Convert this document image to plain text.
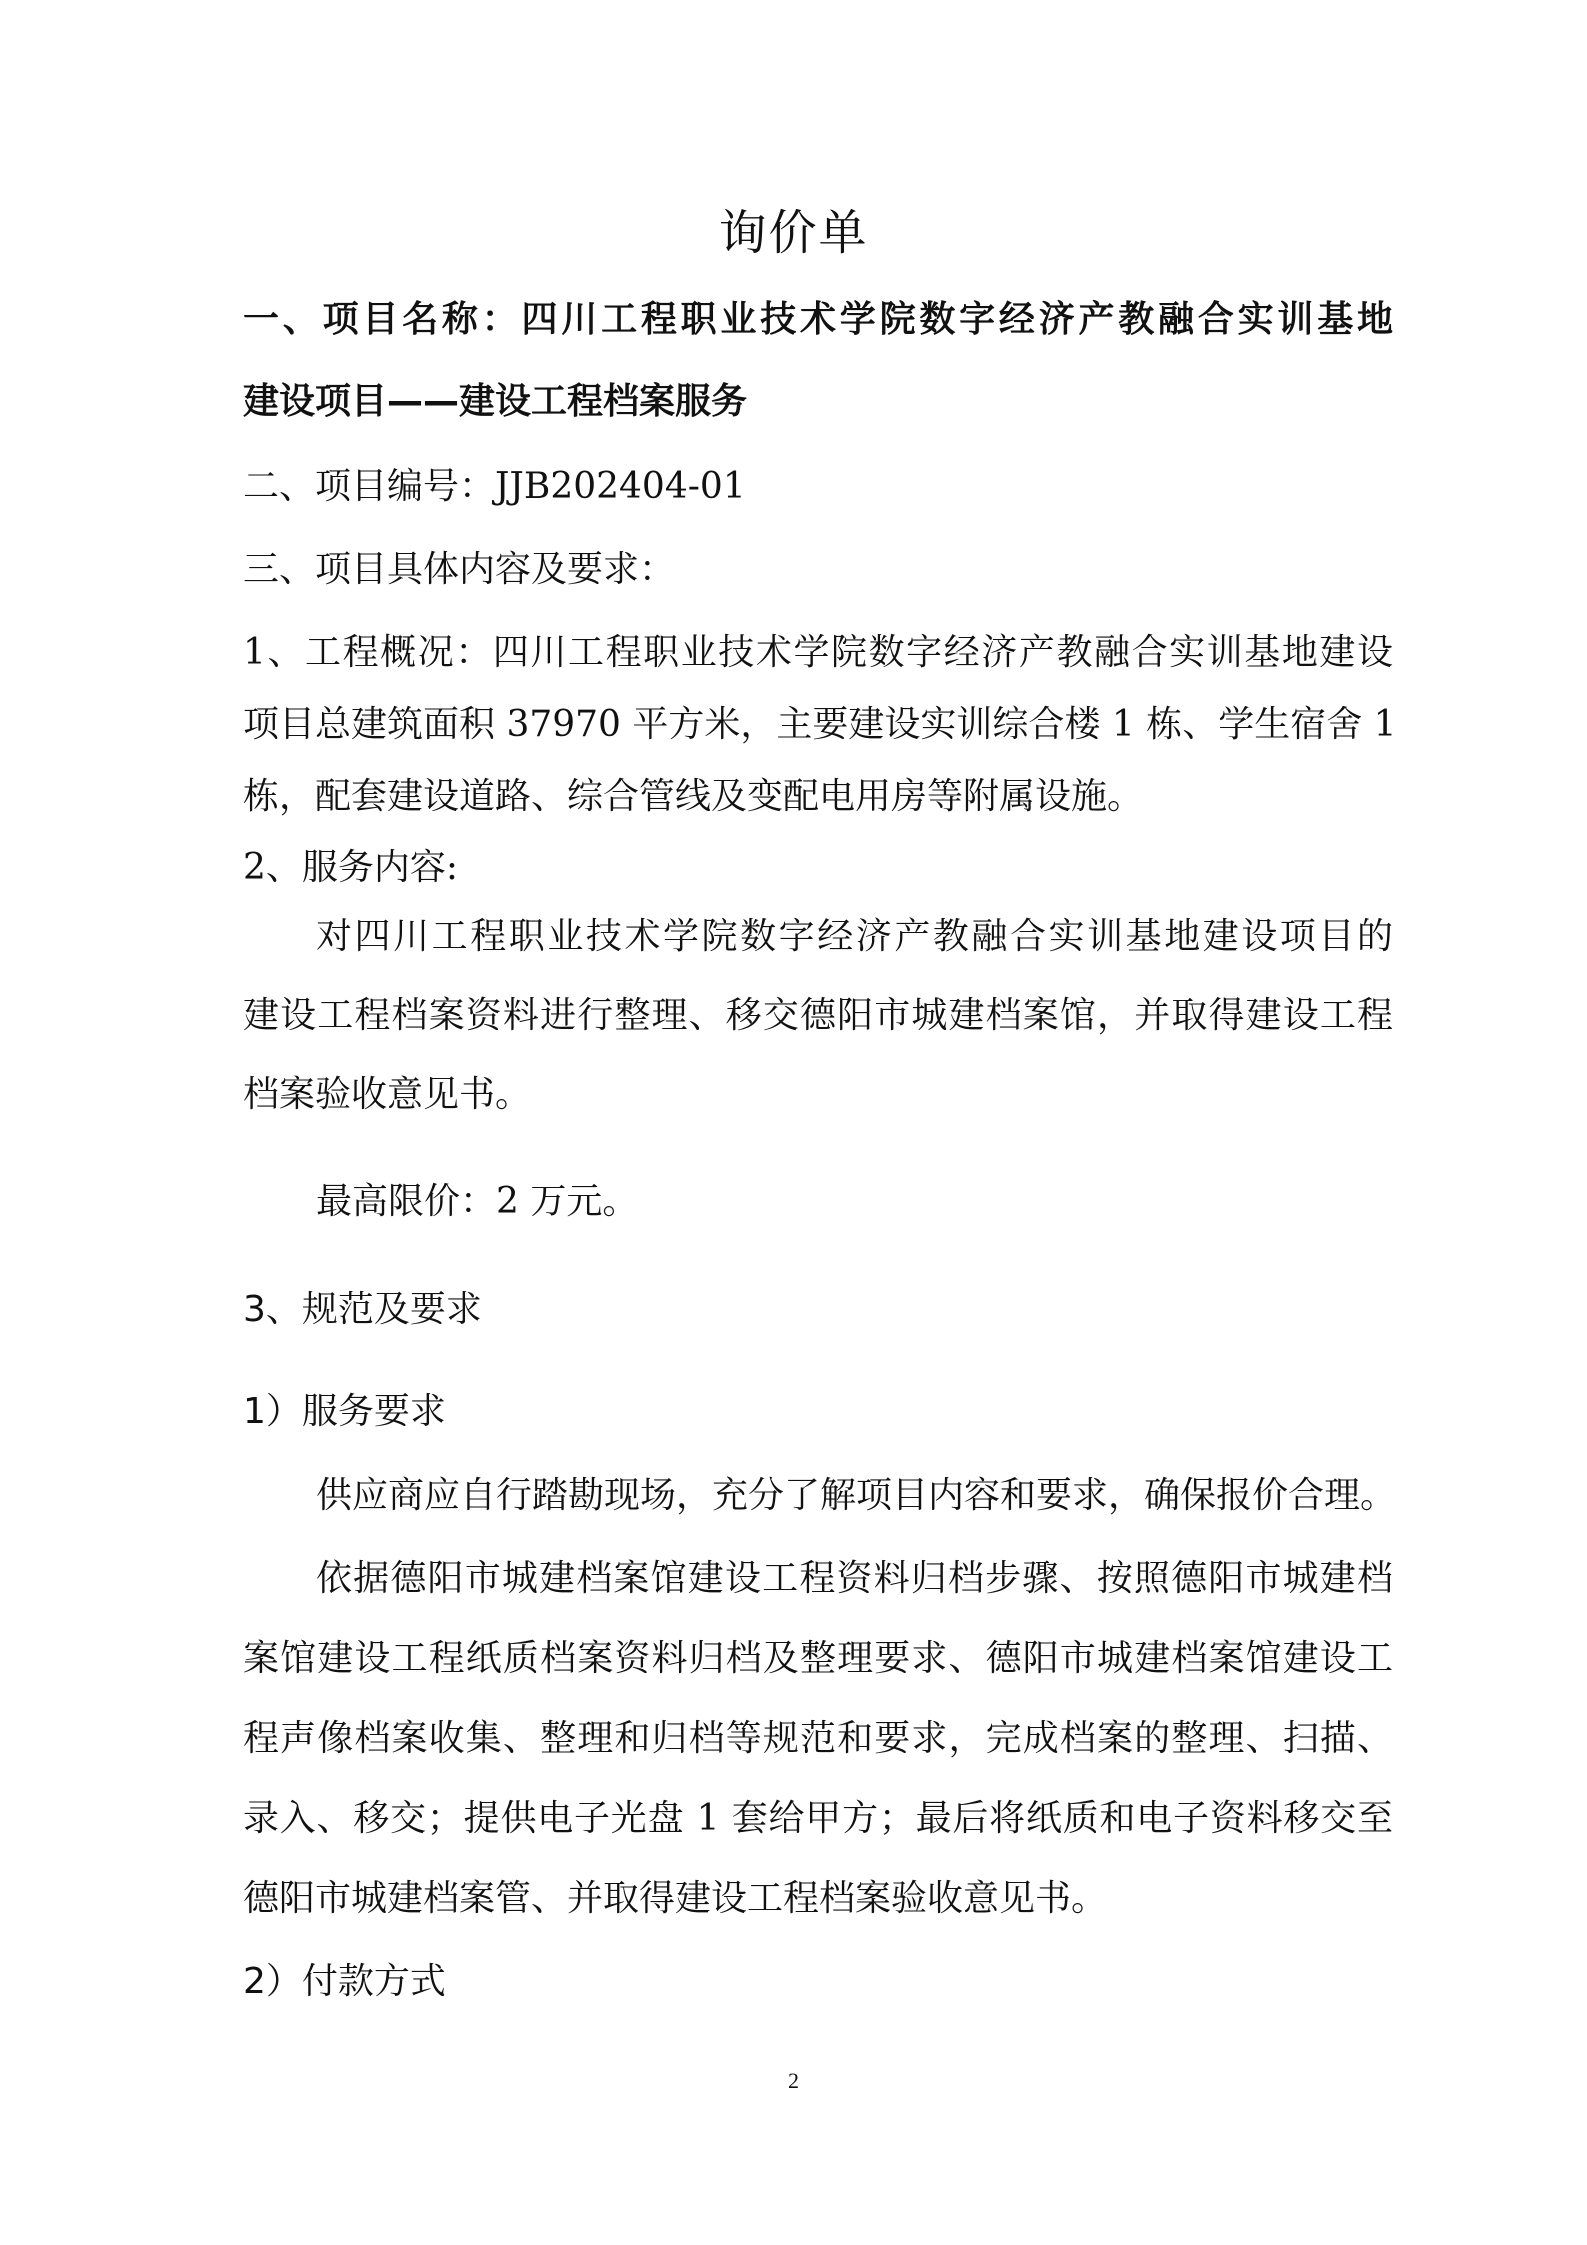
询价单
一、项目名称：四川工程职业技术学院数字经济产教融合实训基地
建设项目——建设工程档案服务
二、项目编号：JJB202404-01
三、项目具体内容及要求：
1、工程概况：四川工程职业技术学院数字经济产教融合实训基地建设
项目总建筑面积 37970 平方米，主要建设实训综合楼 1 栋、学生宿舍 1
栋，配套建设道路、综合管线及变配电用房等附属设施。
2、服务内容:
对四川工程职业技术学院数字经济产教融合实训基地建设项目的
建设工程档案资料进行整理、移交德阳市城建档案馆，并取得建设工程
档案验收意见书。
最高限价：2 万元。
3、规范及要求
1）服务要求
供应商应自行踏勘现场，充分了解项目内容和要求，确保报价合理。
依据德阳市城建档案馆建设工程资料归档步骤、按照德阳市城建档
案馆建设工程纸质档案资料归档及整理要求、德阳市城建档案馆建设工
程声像档案收集、整理和归档等规范和要求，完成档案的整理、扫描、
录入、移交；提供电子光盘 1 套给甲方；最后将纸质和电子资料移交至
德阳市城建档案管、并取得建设工程档案验收意见书。
2）付款方式
2
